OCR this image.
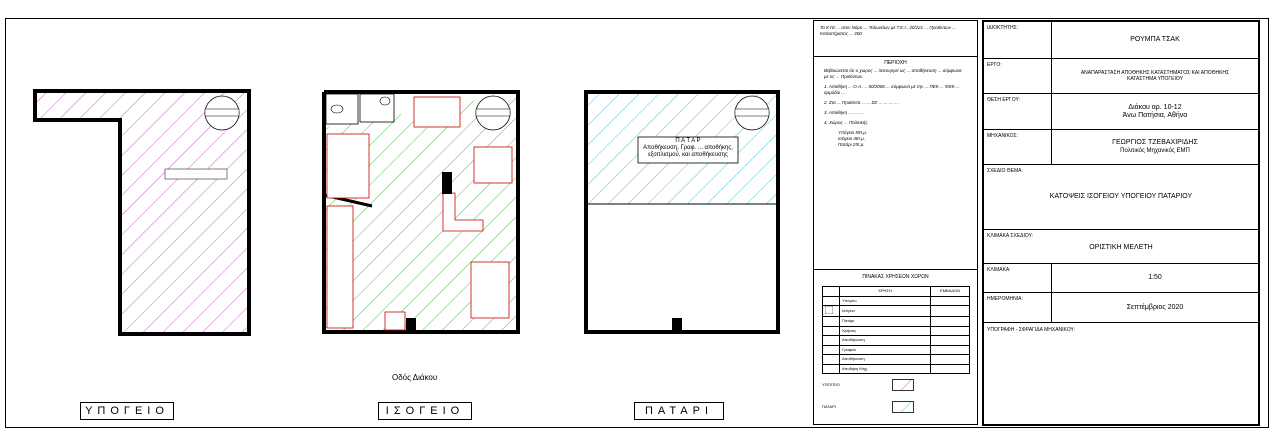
· · · · · · · · · · · · ·
Π Α Τ Α Ρ
Αποθήκευση, Γραφ. ... αποθήκης, εξοπλισμού, και αποθήκευσης
Οδός Διάκου
ΥΠΟΓΕΙΟ	ΙΣΟΓΕΙΟ	ΠΑΤΑΡΙ
Το ΚΥΕ ... στον Νόμο ... Τελωνείων με Τ.Ε.Ι., 20/221 ... Προϊόντων ... Καταστήματος ... 300
ΠΕΡΙΟΧΗ

Βεβαιώνεται ότι ο χώρος ... λειτουργεί ως ... αποθήκευση ... σύμφωνα με τις ... Προϊόντων.

1. Αποθήκη ... Ο.Α. ... 50/2006 ... σύμφωνα με την ... ΠΕΚ ... ΦΕΚ ... αρμόδιο ...

2. Στα ... Προϊόντα ... ... ΣΕ ... ... ... ... .

3. Αποθήκη ... ... ... .

4. Χώρος ... Πολιτικής.

Υπόγειο 59τ.μ.
Ισόγειο 48τ.μ.
Πατάρι 25τ.μ.
ΠΙΝΑΚΑΣ ΧΡΗΣΕΩΝ ΧΩΡΩΝ
	ΧΡΗΣΗ	ΕΜΒΑΔΟΝ
	Υπόγειο	
	Ισόγειο	
	Πατάρι	
	Χρήσεις	
	Αποθήκευση	
	Γραφείο	
	Αποθήκευση	
	Αποθήκη Μηχ.	
ΥΠΟΓΕΙΟ
ΠΑΤΑΡΙ
ΙΔΙΟΚΤΗΤΗΣ:
ΡΟΥΜΠΑ ΤΣΑΚ
ΕΡΓΟ:
ΑΝΑΠΑΡΑΣΤΑΣΗ ΑΠΟΘΗΚΗΣ ΚΑΤΑΣΤΗΜΑΤΟΣ ΚΑΙ ΑΠΟΘΗΚΗΣ
ΚΑΤΑΣΤΗΜΑ ΥΠΟΓΕΙΟΥ
ΘΕΣΗ ΕΡΓΟΥ:
Διάκου αρ. 10-12
Άνω Πατήσια, Αθήνα
ΜΗΧΑΝΙΚΟΣ:
ΓΕΩΡΓΙΟΣ ΤΖΕΒΑΧΙΡΙΔΗΣ
Πολιτικός Μηχανικός ΕΜΠ
ΣΧΕΔΙΟ ΘΕΜΑ:
ΚΑΤΟΨΕΙΣ ΙΣΟΓΕΙΟΥ ΥΠΟΓΕΙΟΥ ΠΑΤΑΡΙΟΥ
ΚΛΙΜΑΚΑ ΣΧΕΔΙΟΥ:
ΟΡΙΣΤΙΚΗ ΜΕΛΕΤΗ
ΚΛΙΜΑΚΑ:
1:50
ΗΜΕΡΟΜΗΝΙΑ:
Σεπτέμβριος 2020
ΥΠΟΓΡΑΦΗ - ΣΦΡΑΓΙΔΑ ΜΗΧΑΝΙΚΟΥ:
